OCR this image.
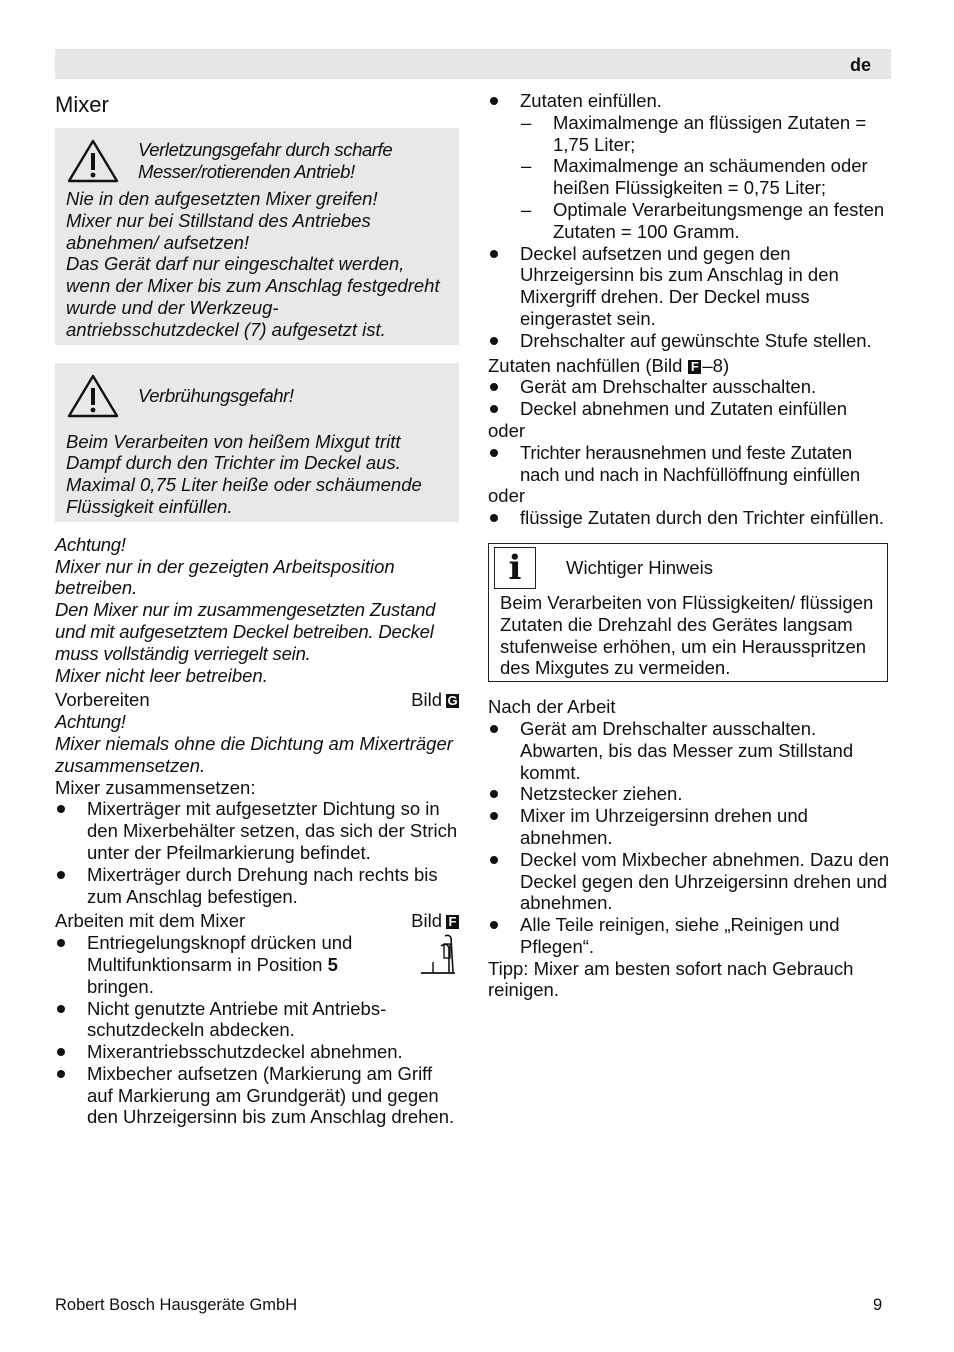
de
Mixer
Verletzungsgefahr durch scharfe Messer/rotierenden Antrieb!

Nie in den aufgesetzten Mixer greifen!

Mixer nur bei Stillstand des Antriebes abnehmen/ aufsetzen!

Das Gerät darf nur eingeschaltet werden, wenn der Mixer bis zum Anschlag festgedreht wurde und der Werkzeug-antriebsschutzdeckel (7) aufgesetzt ist.

Verbrühungsgefahr!

Beim Verarbeiten von heißem Mixgut tritt Dampf durch den Trichter im Deckel aus. Maximal 0,75 Liter heiße oder schäumende Flüssigkeit einfüllen.

Achtung!

Mixer nur in der gezeigten Arbeitsposition betreiben.

Den Mixer nur im zusammengesetzten Zustand und mit aufgesetztem Deckel betreiben. Deckel muss vollständig verriegelt sein.

Mixer nicht leer betreiben.

Vorbereiten	Bild G

Achtung!

Mixer niemals ohne die Dichtung am Mixerträger zusammensetzen.

Mixer zusammensetzen:

Mixerträger mit aufgesetzter Dichtung so in den Mixerbehälter setzen, das sich der Strich unter der Pfeilmarkierung befindet.
Mixerträger durch Drehung nach rechts bis zum Anschlag befestigen.
Arbeiten mit dem Mixer	Bild F
Entriegelungsknopf drücken und Multifunktionsarm in Position 5 bringen.
Nicht genutzte Antriebe mit Antriebs-schutzdeckeln abdecken.
Mixerantriebsschutzdeckel abnehmen.
Mixbecher aufsetzen (Markierung am Griff auf Markierung am Grundgerät) und gegen den Uhrzeigersinn bis zum Anschlag drehen.
Zutaten einfüllen.
– Maximalmenge an flüssigen Zutaten = 1,75 Liter;
– Maximalmenge an schäumenden oder heißen Flüssigkeiten = 0,75 Liter;
– Optimale Verarbeitungsmenge an festen Zutaten = 100 Gramm.
Deckel aufsetzen und gegen den Uhrzeigersinn bis zum Anschlag in den Mixergriff drehen. Der Deckel muss eingerastet sein.
Drehschalter auf gewünschte Stufe stellen.

Zutaten nachfüllen (Bild F –8)

Gerät am Drehschalter ausschalten.
Deckel abnehmen und Zutaten einfüllen

oder

Trichter herausnehmen und feste Zutaten nach und nach in Nachfüllöffnung einfüllen

oder

flüssige Zutaten durch den Trichter einfüllen.
i	Wichtiger Hinweis

Beim Verarbeiten von Flüssigkeiten/ flüssigen Zutaten die Drehzahl des Gerätes langsam stufenweise erhöhen, um ein Herausspritzen des Mixgutes zu vermeiden.

Nach der Arbeit

Gerät am Drehschalter ausschalten. Abwarten, bis das Messer zum Stillstand kommt.
Netzstecker ziehen.
Mixer im Uhrzeigersinn drehen und abnehmen.
Deckel vom Mixbecher abnehmen. Dazu den Deckel gegen den Uhrzeigersinn drehen und abnehmen.
Alle Teile reinigen, siehe „Reinigen und Pflegen“.

Tipp: Mixer am besten sofort nach Gebrauch reinigen.

Robert Bosch Hausgeräte GmbH	9
